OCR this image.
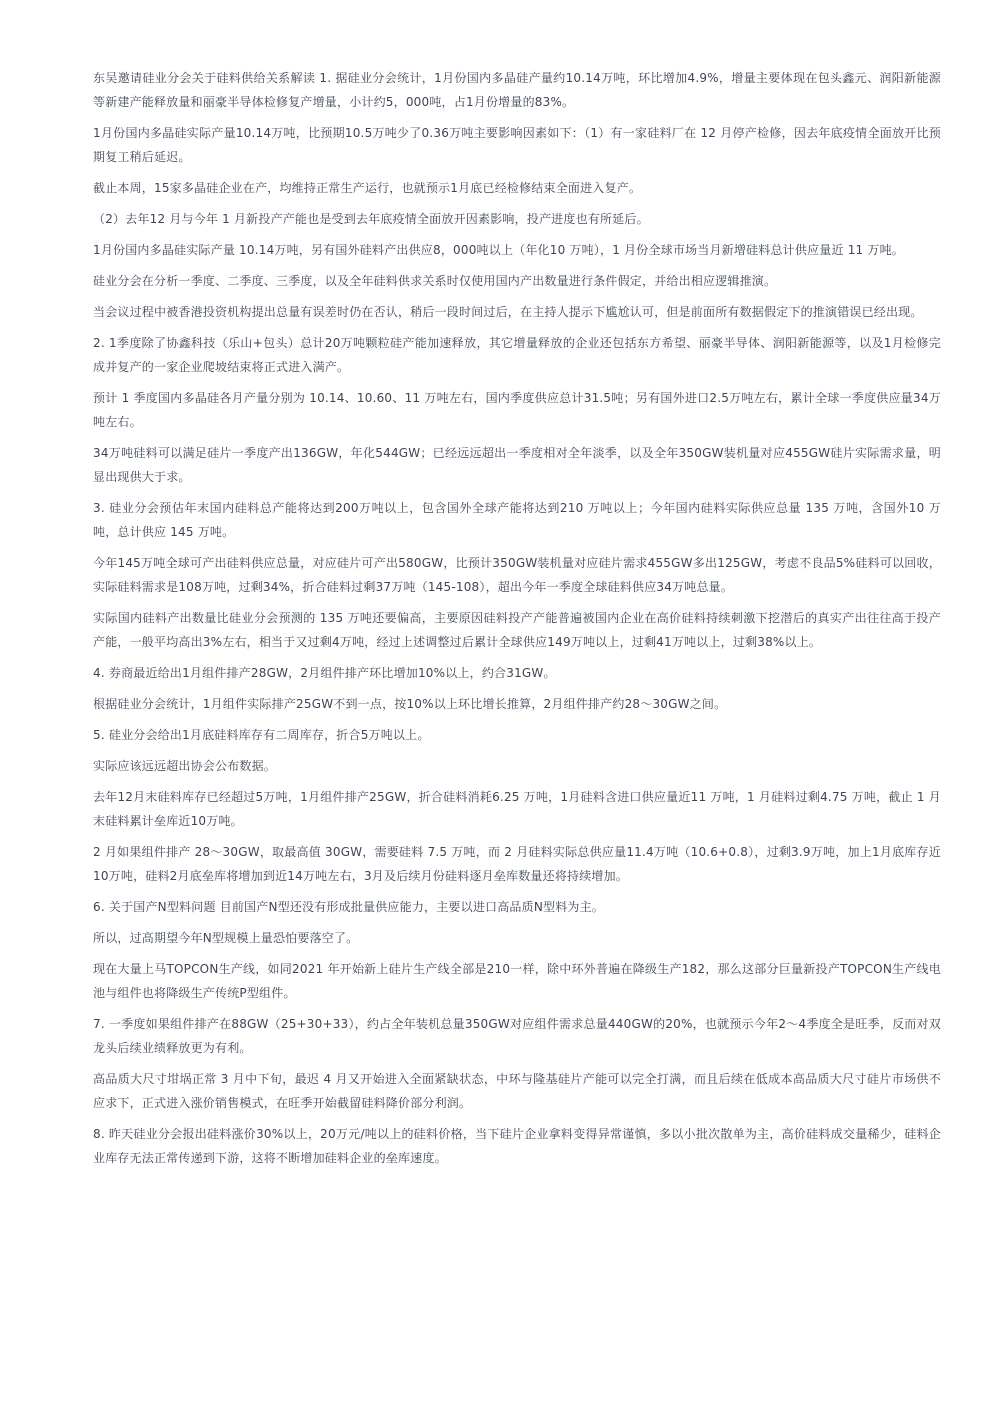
东吴邀请硅业分会关于硅料供给关系解读 1. 据硅业分会统计，1月份国内多晶硅产量约10.14万吨，环比增加4.9%，增量主要体现在包头鑫元、润阳新能源等新建产能释放量和丽豪半导体检修复产增量，小计约5，000吨，占1月份增量的83%。

1月份国内多晶硅实际产量10.14万吨，比预期10.5万吨少了0.36万吨主要影响因素如下：（1）有一家硅料厂在 12 月停产检修，因去年底疫情全面放开比预期复工稍后延迟。

截止本周，15家多晶硅企业在产，均维持正常生产运行，也就预示1月底已经检修结束全面进入复产。

（2）去年12 月与今年 1 月新投产产能也是受到去年底疫情全面放开因素影响，投产进度也有所延后。

1月份国内多晶硅实际产量 10.14万吨，另有国外硅料产出供应8，000吨以上（年化10 万吨），1 月份全球市场当月新增硅料总计供应量近 11 万吨。

硅业分会在分析一季度、二季度、三季度，以及全年硅料供求关系时仅使用国内产出数量进行条件假定，并给出相应逻辑推演。

当会议过程中被香港投资机构提出总量有误差时仍在否认，稍后一段时间过后，在主持人提示下尴尬认可，但是前面所有数据假定下的推演错误已经出现。

2. 1季度除了协鑫科技（乐山+包头）总计20万吨颗粒硅产能加速释放，其它增量释放的企业还包括东方希望、丽豪半导体、润阳新能源等，以及1月检修完成并复产的一家企业爬坡结束将正式进入满产。

预计 1 季度国内多晶硅各月产量分别为 10.14、10.60、11 万吨左右，国内季度供应总计31.5吨；另有国外进口2.5万吨左右，累计全球一季度供应量34万吨左右。

34万吨硅料可以满足硅片一季度产出136GW，年化544GW；已经远远超出一季度相对全年淡季，以及全年350GW装机量对应455GW硅片实际需求量，明显出现供大于求。

3. 硅业分会预估年末国内硅料总产能将达到200万吨以上，包含国外全球产能将达到210 万吨以上；今年国内硅料实际供应总量 135 万吨，含国外10 万吨，总计供应 145 万吨。

今年145万吨全球可产出硅料供应总量，对应硅片可产出580GW，比预计350GW装机量对应硅片需求455GW多出125GW，考虑不良品5%硅料可以回收，实际硅料需求是108万吨，过剩34%，折合硅料过剩37万吨（145-108），超出今年一季度全球硅料供应34万吨总量。

实际国内硅料产出数量比硅业分会预测的 135 万吨还要偏高，主要原因硅料投产产能普遍被国内企业在高价硅料持续刺激下挖潜后的真实产出往往高于投产产能，一般平均高出3%左右，相当于又过剩4万吨，经过上述调整过后累计全球供应149万吨以上，过剩41万吨以上，过剩38%以上。

4. 券商最近给出1月组件排产28GW，2月组件排产环比增加10%以上，约合31GW。

根据硅业分会统计，1月组件实际排产25GW不到一点，按10%以上环比增长推算，2月组件排产约28～30GW之间。

5. 硅业分会给出1月底硅料库存有二周库存，折合5万吨以上。

实际应该远远超出协会公布数据。

去年12月末硅料库存已经超过5万吨，1月组件排产25GW，折合硅料消耗6.25 万吨，1月硅料含进口供应量近11 万吨，1 月硅料过剩4.75 万吨，截止 1 月末硅料累计垒库近10万吨。

2 月如果组件排产 28～30GW，取最高值 30GW，需要硅料 7.5 万吨，而 2 月硅料实际总供应量11.4万吨（10.6+0.8），过剩3.9万吨，加上1月底库存近10万吨，硅料2月底垒库将增加到近14万吨左右，3月及后续月份硅料逐月垒库数量还将持续增加。

6. 关于国产N型料问题 目前国产N型还没有形成批量供应能力，主要以进口高品质N型料为主。

所以，过高期望今年N型规模上量恐怕要落空了。

现在大量上马TOPCON生产线，如同2021 年开始新上硅片生产线全部是210一样，除中环外普遍在降级生产182，那么这部分巨量新投产TOPCON生产线电池与组件也将降级生产传统P型组件。

7. 一季度如果组件排产在88GW（25+30+33），约占全年装机总量350GW对应组件需求总量440GW的20%，也就预示今年2～4季度全是旺季，反而对双龙头后续业绩释放更为有利。

高品质大尺寸坩埚正常 3 月中下旬，最迟 4 月又开始进入全面紧缺状态，中环与隆基硅片产能可以完全打满，而且后续在低成本高品质大尺寸硅片市场供不应求下，正式进入涨价销售模式，在旺季开始截留硅料降价部分利润。

8. 昨天硅业分会报出硅料涨价30%以上，20万元/吨以上的硅料价格，当下硅片企业拿料变得异常谨慎，多以小批次散单为主，高价硅料成交量稀少，硅料企业库存无法正常传递到下游，这将不断增加硅料企业的垒库速度。
